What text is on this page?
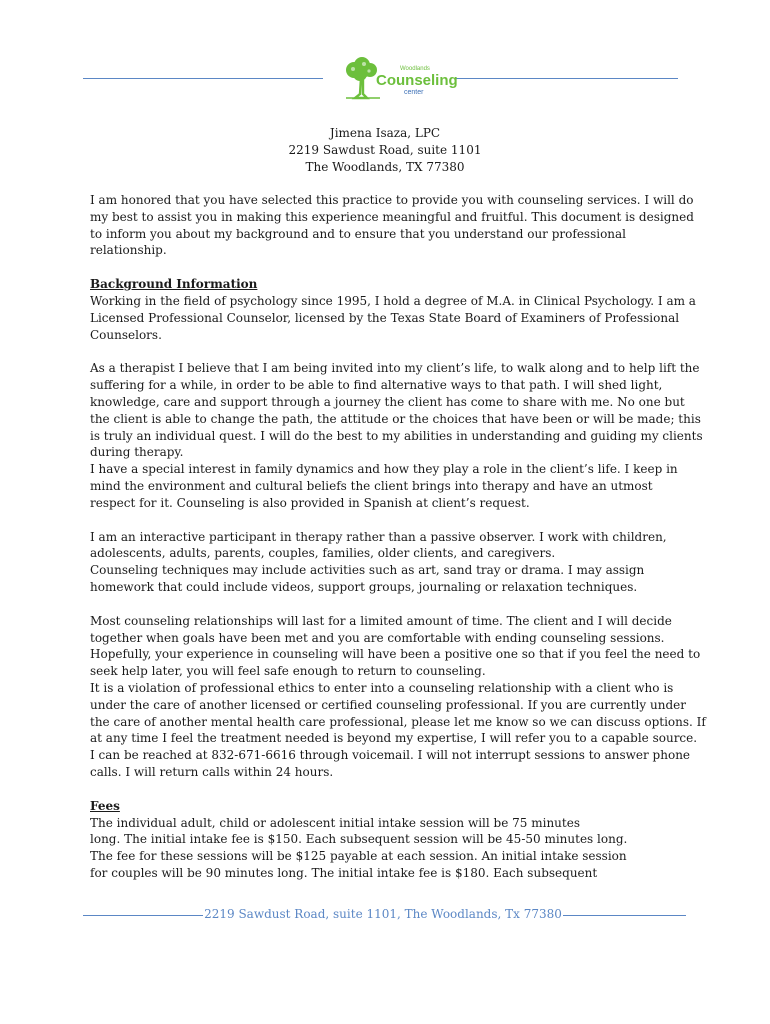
Woodlands
Counseling
center
Jimena Isaza, LPC
2219 Sawdust Road, suite 1101
The Woodlands, TX 77380

I am honored that you have selected this practice to provide you with counseling services. I will do
my best to assist you in making this experience meaningful and fruitful. This document is designed
to inform you about my background and to ensure that you understand our professional
relationship.

Background Information

Working in the field of psychology since 1995, I hold a degree of M.A. in Clinical Psychology. I am a
Licensed Professional Counselor, licensed by the Texas State Board of Examiners of Professional
Counselors.

As a therapist I believe that I am being invited into my client’s life, to walk along and to help lift the
suffering for a while, in order to be able to find alternative ways to that path. I will shed light,
knowledge, care and support through a journey the client has come to share with me. No one but
the client is able to change the path, the attitude or the choices that have been or will be made; this
is truly an individual quest. I will do the best to my abilities in understanding and guiding my clients
during therapy.

I have a special interest in family dynamics and how they play a role in the client’s life. I keep in
mind the environment and cultural beliefs the client brings into therapy and have an utmost
respect for it. Counseling is also provided in Spanish at client’s request.

I am an interactive participant in therapy rather than a passive observer. I work with children,
adolescents, adults, parents, couples, families, older clients, and caregivers.

Counseling techniques may include activities such as art, sand tray or drama. I may assign
homework that could include videos, support groups, journaling or relaxation techniques.

Most counseling relationships will last for a limited amount of time. The client and I will decide
together when goals have been met and you are comfortable with ending counseling sessions.
Hopefully, your experience in counseling will have been a positive one so that if you feel the need to
seek help later, you will feel safe enough to return to counseling.

It is a violation of professional ethics to enter into a counseling relationship with a client who is
under the care of another licensed or certified counseling professional. If you are currently under
the care of another mental health care professional, please let me know so we can discuss options. If
at any time I feel the treatment needed is beyond my expertise, I will refer you to a capable source.

I can be reached at 832-671-6616 through voicemail. I will not interrupt sessions to answer phone
calls. I will return calls within 24 hours.

Fees
The individual adult, child or adolescent initial intake session will be 75 minutes
long. The initial intake fee is $150. Each subsequent session will be 45-50 minutes long.
The fee for these sessions will be $125 payable at each session. An initial intake session
for couples will be 90 minutes long. The initial intake fee is $180. Each subsequent

2219 Sawdust Road, suite 1101, The Woodlands, Tx 77380
